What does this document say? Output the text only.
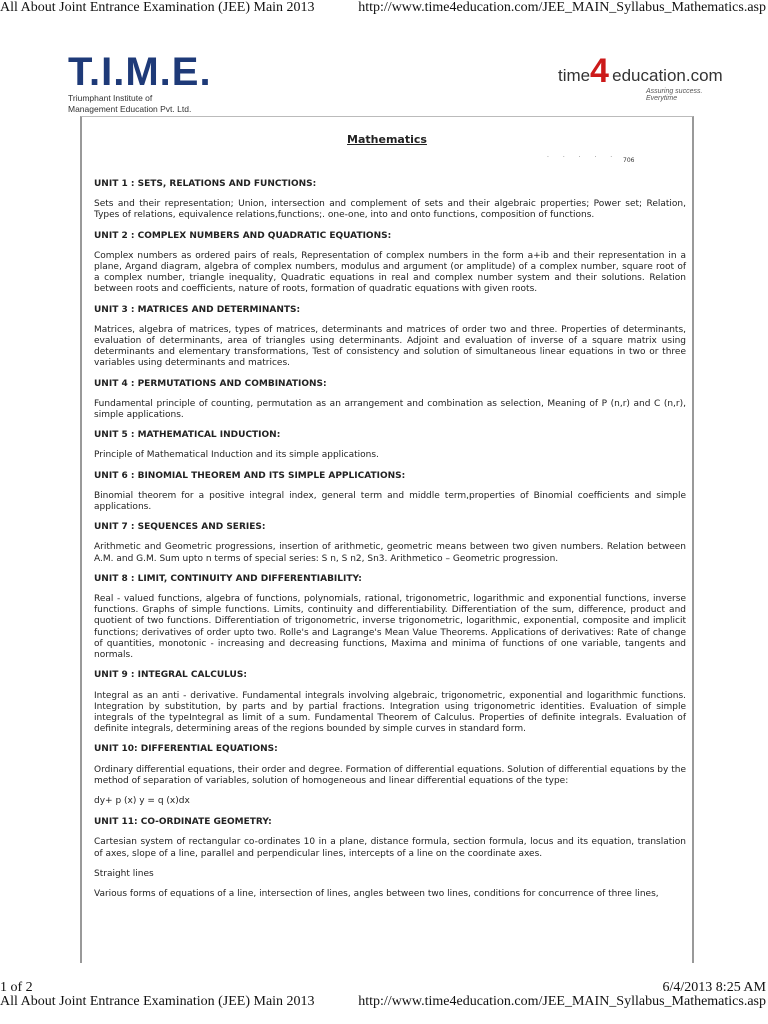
All About Joint Entrance Examination (JEE) Main 2013	http://www.time4education.com/JEE_MAIN_Syllabus_Mathematics.asp
T.I.M.E.
Triumphant Institute of
Management Education Pvt. Ltd.
time education.com
4
Assuring success. Everytime
Mathematics
· · · · · 706
UNIT 1 : SETS, RELATIONS AND FUNCTIONS:
Sets and their representation; Union, intersection and complement of sets and their algebraic properties; Power set; Relation, Types of relations, equivalence relations,functions;. one-one, into and onto functions, composition of functions.
UNIT 2 : COMPLEX NUMBERS AND QUADRATIC EQUATIONS:
Complex numbers as ordered pairs of reals, Representation of complex numbers in the form a+ib and their representation in a plane, Argand diagram, algebra of complex numbers, modulus and argument (or amplitude) of a complex number, square root of a complex number, triangle inequality, Quadratic equations in real and complex number system and their solutions. Relation between roots and coefficients, nature of roots, formation of quadratic equations with given roots.
UNIT 3 : MATRICES AND DETERMINANTS:
Matrices, algebra of matrices, types of matrices, determinants and matrices of order two and three. Properties of determinants, evaluation of determinants, area of triangles using determinants. Adjoint and evaluation of inverse of a square matrix using determinants and elementary transformations, Test of consistency and solution of simultaneous linear equations in two or three variables using determinants and matrices.
UNIT 4 : PERMUTATIONS AND COMBINATIONS:
Fundamental principle of counting, permutation as an arrangement and combination as selection, Meaning of P (n,r) and C (n,r), simple applications.
UNIT 5 : MATHEMATICAL INDUCTION:
Principle of Mathematical Induction and its simple applications.
UNIT 6 : BINOMIAL THEOREM AND ITS SIMPLE APPLICATIONS:
Binomial theorem for a positive integral index, general term and middle term,properties of Binomial coefficients and simple applications.
UNIT 7 : SEQUENCES AND SERIES:
Arithmetic and Geometric progressions, insertion of arithmetic, geometric means between two given numbers. Relation between A.M. and G.M. Sum upto n terms of special series: S n, S n2, Sn3. Arithmetico – Geometric progression.
UNIT 8 : LIMIT, CONTINUITY AND DIFFERENTIABILITY:
Real - valued functions, algebra of functions, polynomials, rational, trigonometric, logarithmic and exponential functions, inverse functions. Graphs of simple functions. Limits, continuity and differentiability. Differentiation of the sum, difference, product and quotient of two functions. Differentiation of trigonometric, inverse trigonometric, logarithmic, exponential, composite and implicit functions; derivatives of order upto two. Rolle's and Lagrange's Mean Value Theorems. Applications of derivatives: Rate of change of quantities, monotonic - increasing and decreasing functions, Maxima and minima of functions of one variable, tangents and normals.
UNIT 9 : INTEGRAL CALCULUS:
Integral as an anti - derivative. Fundamental integrals involving algebraic, trigonometric, exponential and logarithmic functions. Integration by substitution, by parts and by partial fractions. Integration using trigonometric identities. Evaluation of simple integrals of the typeIntegral as limit of a sum. Fundamental Theorem of Calculus. Properties of definite integrals. Evaluation of definite integrals, determining areas of the regions bounded by simple curves in standard form.
UNIT 10: DIFFERENTIAL EQUATIONS:
Ordinary differential equations, their order and degree. Formation of differential equations. Solution of differential equations by the method of separation of variables, solution of homogeneous and linear differential equations of the type:
dy+ p (x) y = q (x)dx
UNIT 11: CO-ORDINATE GEOMETRY:
Cartesian system of rectangular co-ordinates 10 in a plane, distance formula, section formula, locus and its equation, translation of axes, slope of a line, parallel and perpendicular lines, intercepts of a line on the coordinate axes.
Straight lines
Various forms of equations of a line, intersection of lines, angles between two lines, conditions for concurrence of three lines,
1 of 2	6/4/2013 8:25 AM
All About Joint Entrance Examination (JEE) Main 2013	http://www.time4education.com/JEE_MAIN_Syllabus_Mathematics.asp
